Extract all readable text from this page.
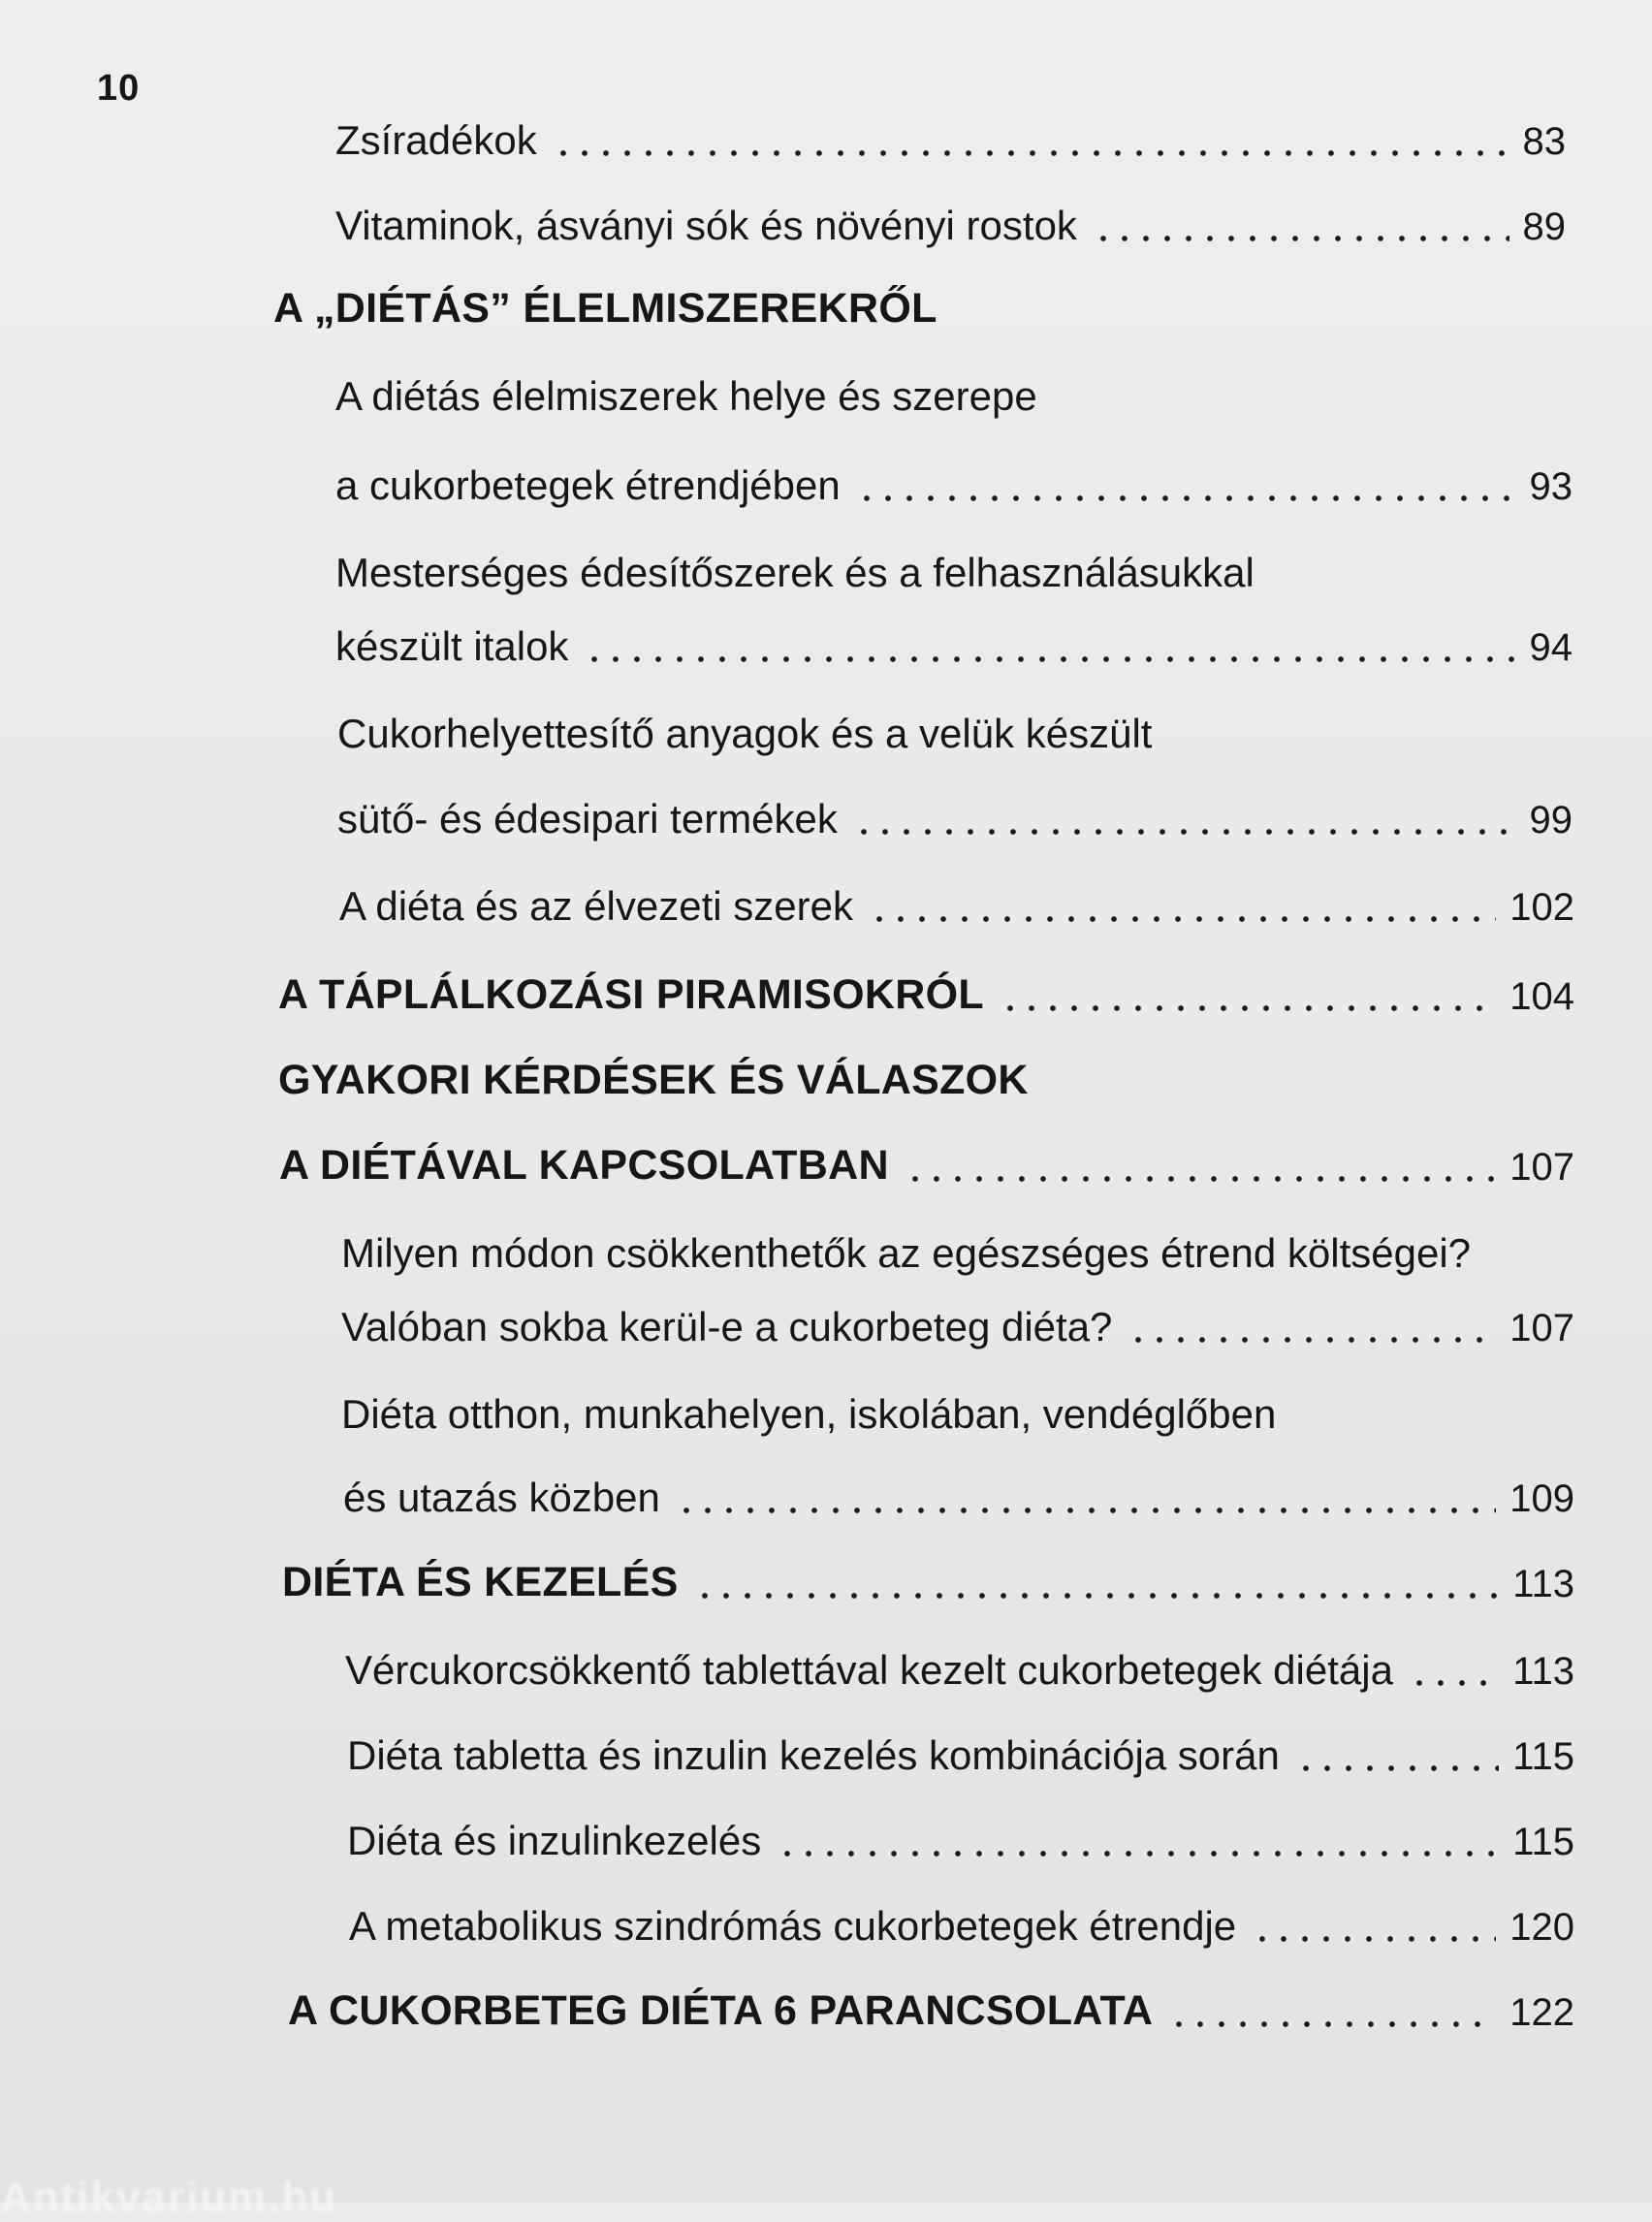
10
Zsíradékok	83
Vitaminok, ásványi sók és növényi rostok	89
A „DIÉTÁS” ÉLELMISZEREKRŐL
A diétás élelmiszerek helye és szerepe
a cukorbetegek étrendjében	93
Mesterséges édesítőszerek és a felhasználásukkal
készült italok	94
Cukorhelyettesítő anyagok és a velük készült
sütő- és édesipari termékek	99
A diéta és az élvezeti szerek	102
A TÁPLÁLKOZÁSI PIRAMISOKRÓL	104
GYAKORI KÉRDÉSEK ÉS VÁLASZOK
A DIÉTÁVAL KAPCSOLATBAN	107
Milyen módon csökkenthetők az egészséges étrend költségei?
Valóban sokba kerül-e a cukorbeteg diéta?	107
Diéta otthon, munkahelyen, iskolában, vendéglőben
és utazás közben	109
DIÉTA ÉS KEZELÉS	113
Vércukorcsökkentő tablettával kezelt cukorbetegek diétája	113
Diéta tabletta és inzulin kezelés kombinációja során	115
Diéta és inzulinkezelés	115
A metabolikus szindrómás cukorbetegek étrendje	120
A CUKORBETEG DIÉTA 6 PARANCSOLATA	122
Antikvarium.hu
